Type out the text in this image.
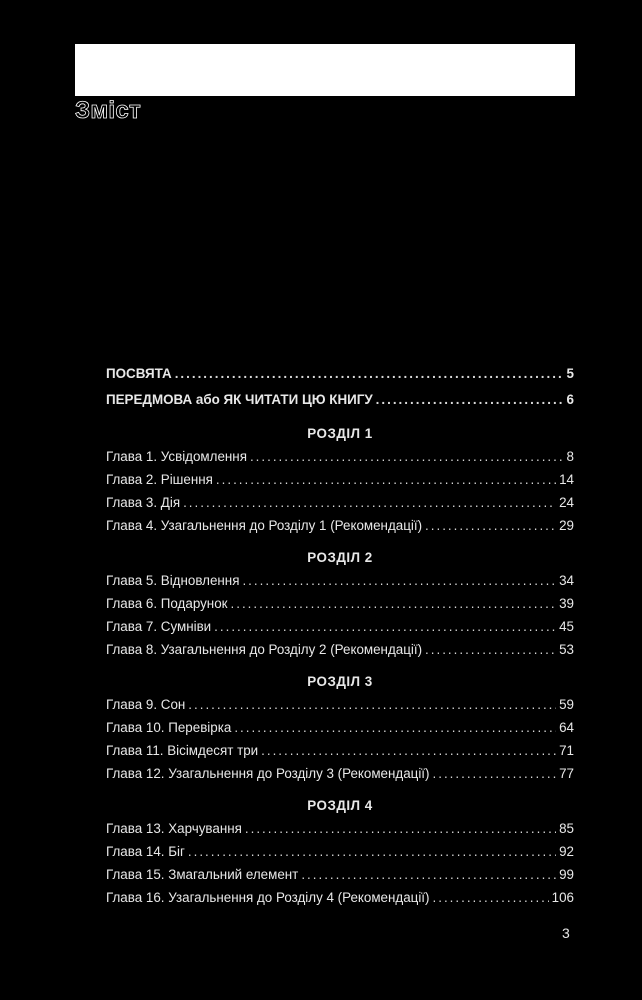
Зміст
ПОСВЯТА .....	5
ПЕРЕДМОВА або ЯК ЧИТАТИ ЦЮ КНИГУ .....	6
РОЗДІЛ 1
Глава 1. Усвідомлення .....	8
Глава 2. Рішення .....	14
Глава 3. Дія .....	24
Глава 4. Узагальнення до Розділу 1 (Рекомендації) .....	29
РОЗДІЛ 2
Глава 5. Відновлення .....	34
Глава 6. Подарунок .....	39
Глава 7. Сумніви .....	45
Глава 8. Узагальнення до Розділу 2 (Рекомендації) .....	53
РОЗДІЛ 3
Глава 9. Сон .....	59
Глава 10. Перевірка .....	64
Глава 11. Вісімдесят три .....	71
Глава 12. Узагальнення до Розділу 3 (Рекомендації) .....	77
РОЗДІЛ 4
Глава 13. Харчування .....	85
Глава 14. Біг .....	92
Глава 15. Змагальний елемент .....	99
Глава 16. Узагальнення до Розділу 4 (Рекомендації) .....	106
3
